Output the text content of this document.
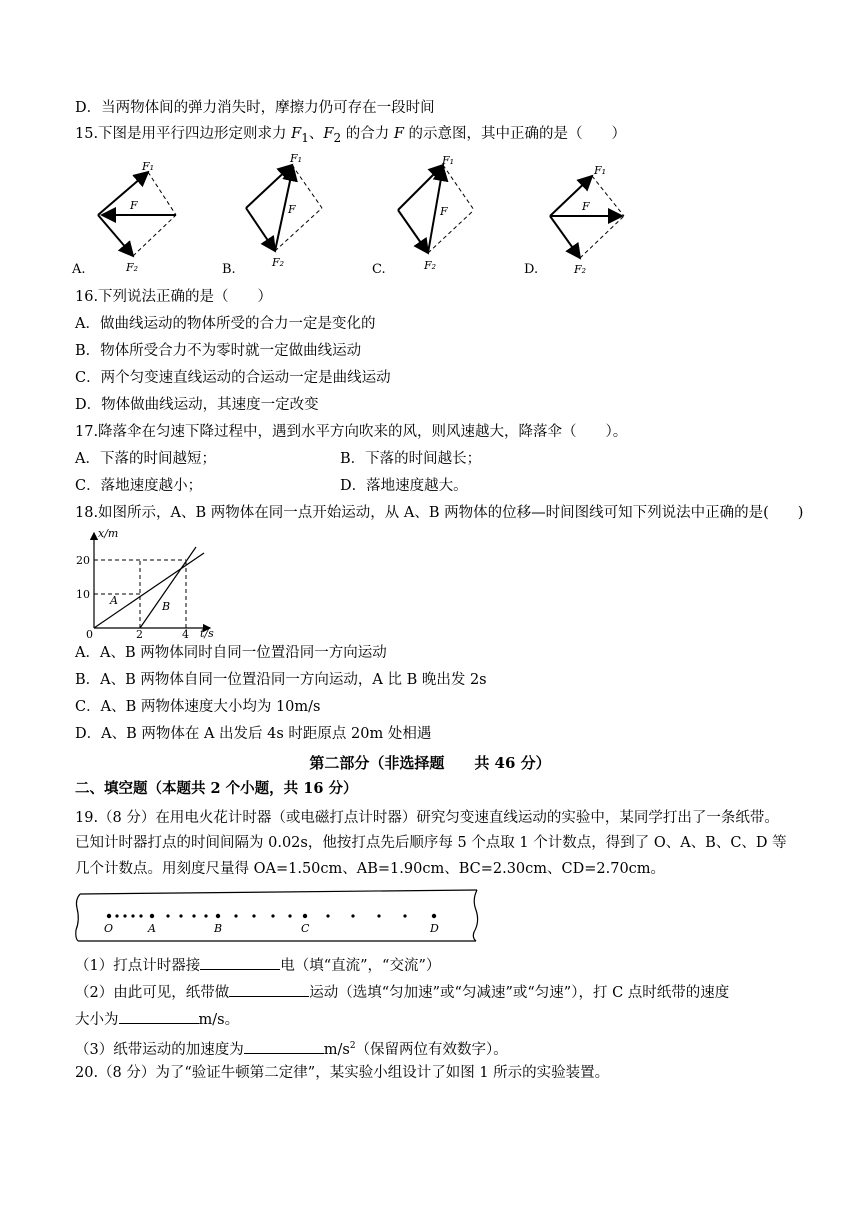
D．当两物体间的弹力消失时，摩擦力仍可存在一段时间
15.下图是用平行四边形定则求力 $F_1$、$F_2$ 的合力 F 的示意图，其中正确的是（　　）
F₁
F₂
F
F₁
F₂
F
F₁
F₂
F
F₁
F₂
F
A.	B.	C.	D.
16.下列说法正确的是（　　）
A．做曲线运动的物体所受的合力一定是变化的
B．物体所受合力不为零时就一定做曲线运动
C．两个匀变速直线运动的合运动一定是曲线运动
D．物体做曲线运动，其速度一定改变
17.降落伞在匀速下降过程中，遇到水平方向吹来的风，则风速越大，降落伞（　　）。
A．下落的时间越短；	B．下落的时间越长；
C．落地速度越小；	D．落地速度越大。
18.如图所示，A、B 两物体在同一点开始运动，从 A、B 两物体的位移—时间图线可知下列说法中正确的是(　　)
x/m
t/s
20
10
0	2	4
A	B
A．A、B 两物体同时自同一位置沿同一方向运动
B．A、B 两物体自同一位置沿同一方向运动，A 比 B 晚出发 2s
C．A、B 两物体速度大小均为 10m/s
D．A、B 两物体在 A 出发后 4s 时距原点 20m 处相遇
第二部分（非选择题　　共 46 分）
二、填空题（本题共 2 个小题，共 16 分）
19.（8 分）在用电火花计时器（或电磁打点计时器）研究匀变速直线运动的实验中，某同学打出了一条纸带。
已知计时器打点的时间间隔为 0.02s，他按打点先后顺序每 5 个点取 1 个计数点，得到了 O、A、B、C、D 等
几个计数点。用刻度尺量得 OA=1.50cm、AB=1.90cm、BC=2.30cm、CD=2.70cm。
O	A	B	C	D
（1）打点计时器接	电（填“直流”，“交流”）
（2）由此可见，纸带做	运动（选填“匀加速”或“匀减速”或“匀速”），打 C 点时纸带的速度
大小为	m/s。
（3）纸带运动的加速度为	$m/s^2$（保留两位有效数字）。
20.（8 分）为了“验证牛顿第二定律”，某实验小组设计了如图 1 所示的实验装置。
